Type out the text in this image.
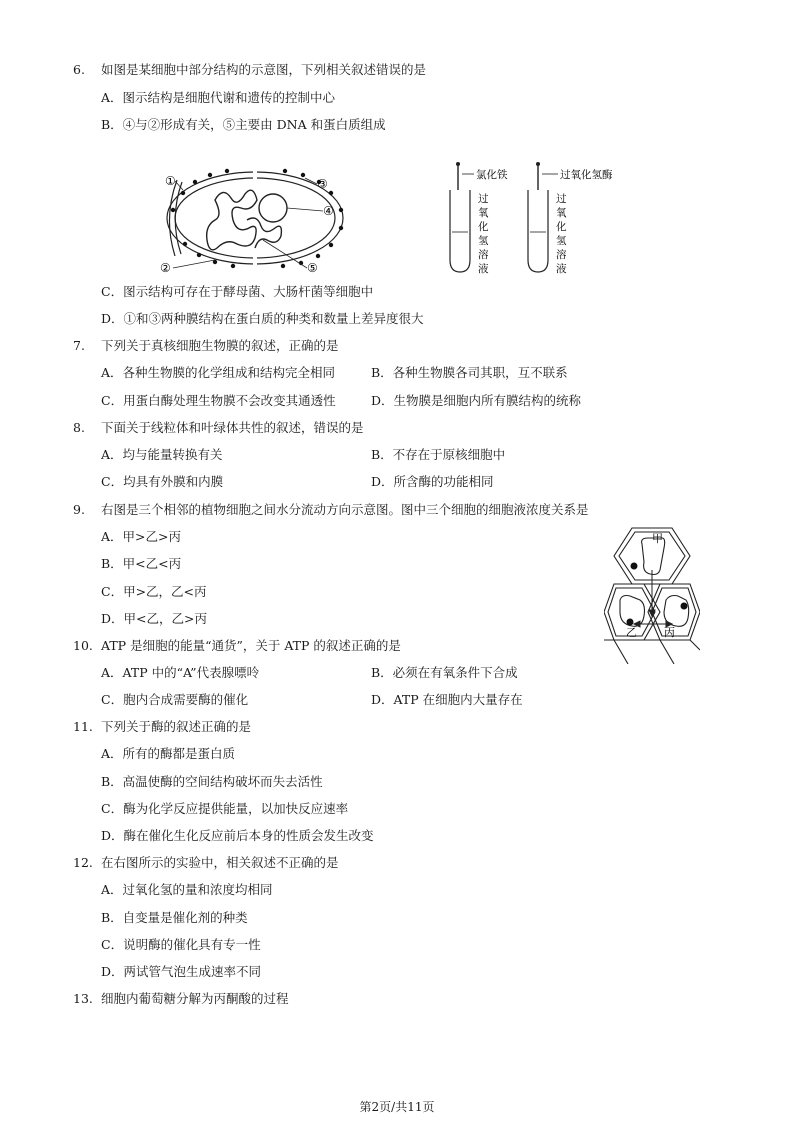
6. 如图是某细胞中部分结构的示意图，下列相关叙述错误的是
A．图示结构是细胞代谢和遗传的控制中心
B．④与②形成有关，⑤主要由 DNA 和蛋白质组成
①
②
③
④
⑤
氯化铁	过氧化氢酶
过
氧
化
氢
溶
液
过
氧
化
氢
溶
液
C．图示结构可存在于酵母菌、大肠杆菌等细胞中
D．①和③两种膜结构在蛋白质的种类和数量上差异度很大
7. 下列关于真核细胞生物膜的叙述，正确的是
A．各种生物膜的化学组成和结构完全相同	B．各种生物膜各司其职，互不联系
C．用蛋白酶处理生物膜不会改变其通透性	D．生物膜是细胞内所有膜结构的统称
8. 下面关于线粒体和叶绿体共性的叙述，错误的是
A．均与能量转换有关	B．不存在于原核细胞中
C．均具有外膜和内膜	D．所含酶的功能相同
9. 右图是三个相邻的植物细胞之间水分流动方向示意图。图中三个细胞的细胞液浓度关系是
A．甲>乙>丙
B．甲<乙<丙
C．甲>乙，乙<丙
D．甲<乙，乙>丙
甲
乙 丙
10. ATP 是细胞的能量“通货”，关于 ATP 的叙述正确的是
A．ATP 中的“A”代表腺嘌呤	B．必须在有氧条件下合成
C．胞内合成需要酶的催化	D．ATP 在细胞内大量存在
11. 下列关于酶的叙述正确的是
A．所有的酶都是蛋白质
B．高温使酶的空间结构破坏而失去活性
C．酶为化学反应提供能量，以加快反应速率
D．酶在催化生化反应前后本身的性质会发生改变
12. 在右图所示的实验中，相关叙述不正确的是
A．过氧化氢的量和浓度均相同
B．自变量是催化剂的种类
C．说明酶的催化具有专一性
D．两试管气泡生成速率不同
13. 细胞内葡萄糖分解为丙酮酸的过程
第2页/共11页
